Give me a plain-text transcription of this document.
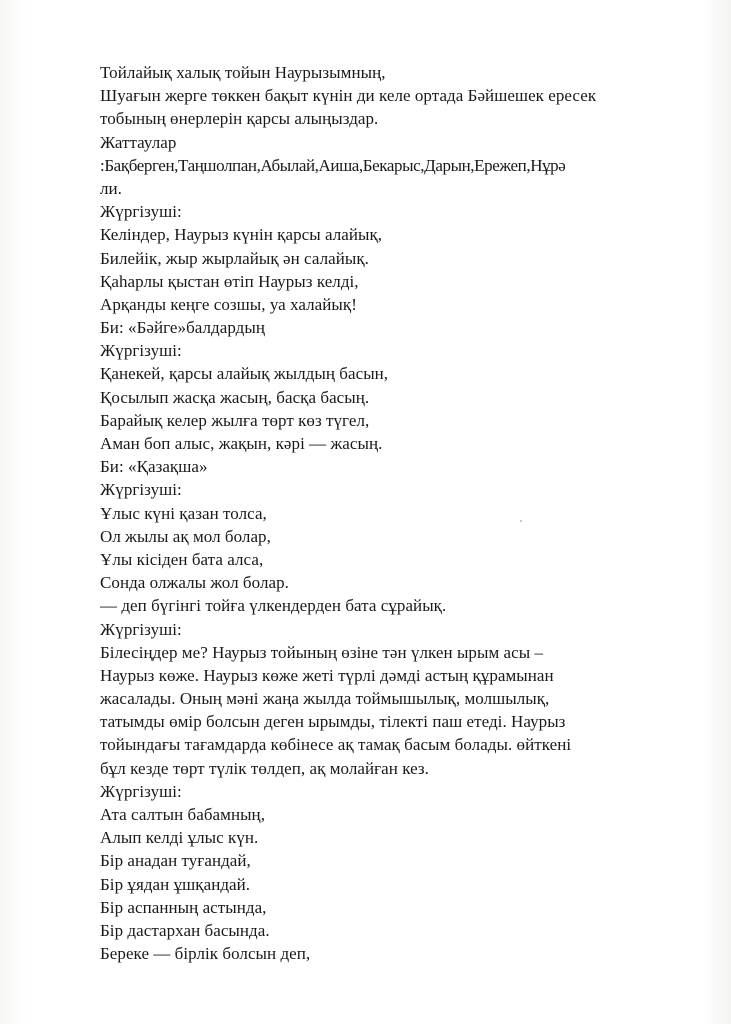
Тойлайық халық тойын Наурызымның,
Шуағын жерге төккен бақыт күнін ди келе ортада Бәйшешек ересек
тобының өнерлерін қарсы алыңыздар.
Жаттаулар
:Бақберген,Таңшолпан,Абылай,Аиша,Бекарыс,Дарын,Ережеп,Нұрә
ли.
Жүргізуші:
Келіндер, Наурыз күнін қарсы алайық,
Билейік, жыр жырлайық ән салайық.
Қаһарлы қыстан өтіп Наурыз келді,
Арқанды кеңге созшы, уа халайық!
Би: «Бәйге»балдардың
Жүргізуші:
Қанекей, қарсы алайық жылдың басын,
Қосылып жасқа жасың, басқа басың.
Барайық келер жылға төрт көз түгел,
Аман боп алыс, жақын, кәрі — жасың.
Би: «Қазақша»
Жүргізуші:
Ұлыс күні қазан толса,
Ол жылы ақ мол болар,
Ұлы кісіден бата алса,
Сонда олжалы жол болар.
— деп бүгінгі тойға үлкендерден бата сұрайық.
Жүргізуші:
Білесіңдер ме? Наурыз тойының өзіне тән үлкен ырым асы –
Наурыз көже. Наурыз көже жеті түрлі дәмді астың құрамынан
жасалады. Оның мәні жаңа жылда тоймышылық, молшылық,
татымды өмір болсын деген ырымды, тілекті паш етеді. Наурыз
тойындағы тағамдарда көбінесе ақ тамақ басым болады. өйткені
бұл кезде төрт түлік төлдеп, ақ молайған кез.
Жүргізуші:
Ата салтын бабамның,
Алып келді ұлыс күн.
Бір анадан туғандай,
Бір ұядан ұшқандай.
Бір аспанның астында,
Бір дастархан басында.
Береке — бірлік болсын деп,
